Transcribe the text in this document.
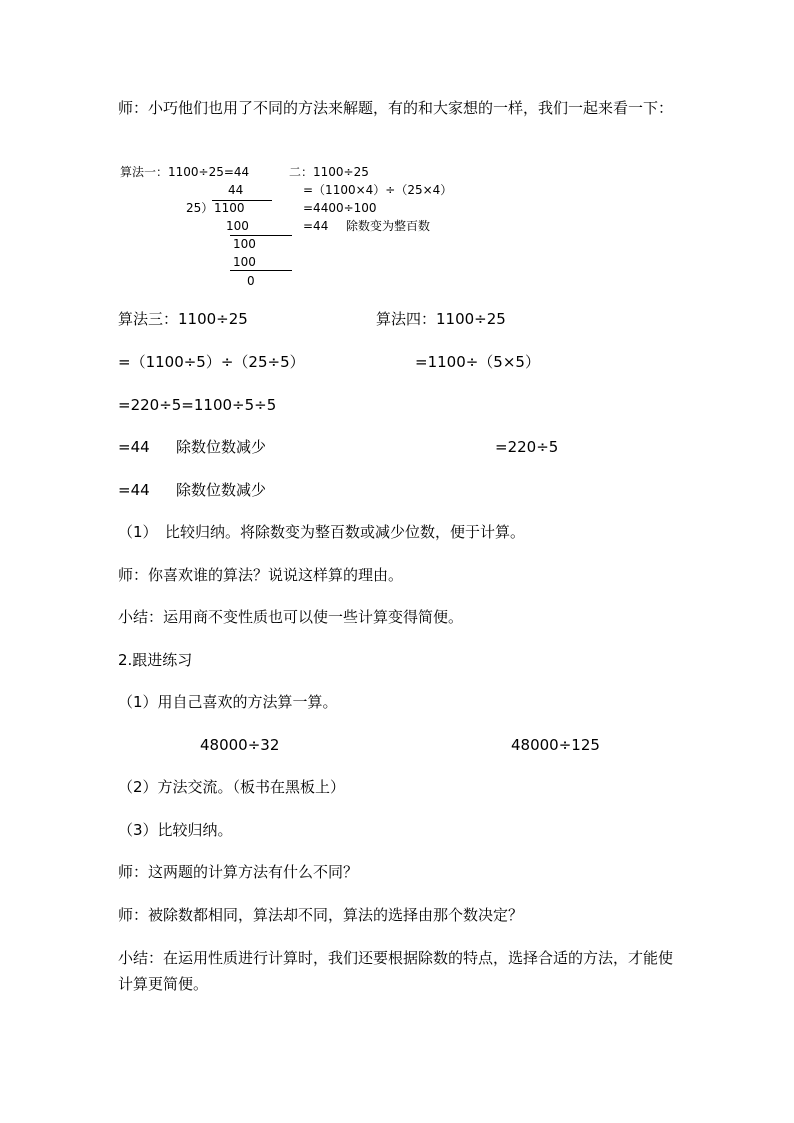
师：小巧他们也用了不同的方法来解题，有的和大家想的一样，我们一起来看一下：
算法一：1100÷25=44
44
25） 1100
100
100
100
0
二：1100÷25
=（1100×4）÷（25×4）
=4400÷100
=44 除数变为整百数
算法三：1100÷25	算法四：1100÷25
=（1100÷5）÷（25÷5）	=1100÷（5×5）
=220÷5=1100÷5÷5
=44 除数位数减少	=220÷5
=44 除数位数减少
（1）　比较归纳。将除数变为整百数或减少位数，便于计算。
师：你喜欢谁的算法？说说这样算的理由。
小结：运用商不变性质也可以使一些计算变得简便。
2.跟进练习
（1）用自己喜欢的方法算一算。
48000÷32	48000÷125
（2）方法交流。（板书在黑板上）
（3）比较归纳。
师：这两题的计算方法有什么不同？
师：被除数都相同，算法却不同，算法的选择由那个数决定？
小结：在运用性质进行计算时，我们还要根据除数的特点，选择合适的方法，才能使计算更简便。
